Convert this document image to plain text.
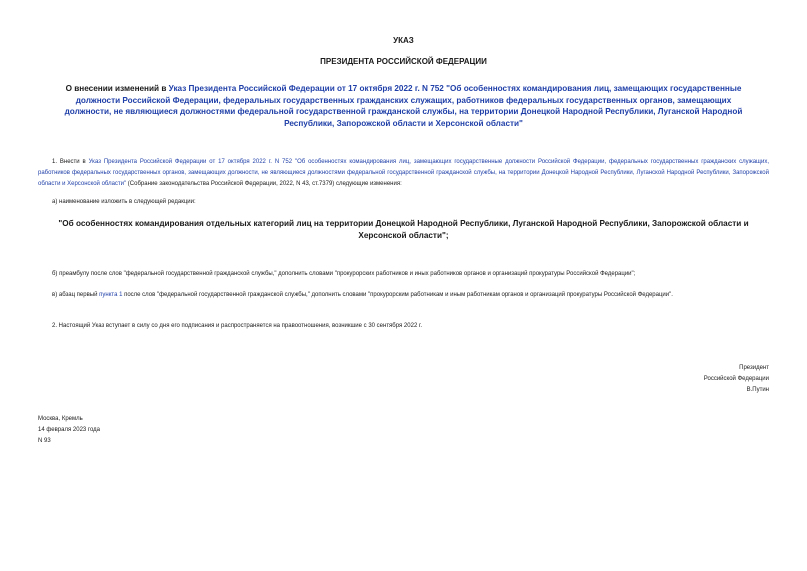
УКАЗ
ПРЕЗИДЕНТА РОССИЙСКОЙ ФЕДЕРАЦИИ
О внесении изменений в Указ Президента Российской Федерации от 17 октября 2022 г. N 752 "Об особенностях командирования лиц, замещающих государственные должности Российской Федерации, федеральных государственных гражданских служащих, работников федеральных государственных органов, замещающих должности, не являющиеся должностями федеральной государственной гражданской службы, на территории Донецкой Народной Республики, Луганской Народной Республики, Запорожской области и Херсонской области"
1. Внести в Указ Президента Российской Федерации от 17 октября 2022 г. N 752 "Об особенностях командирования лиц, замещающих государственные должности Российской Федерации, федеральных государственных гражданских служащих, работников федеральных государственных органов, замещающих должности, не являющиеся должностями федеральной государственной гражданской службы, на территории Донецкой Народной Республики, Луганской Народной Республики, Запорожской области и Херсонской области" (Собрание законодательства Российской Федерации, 2022, N 43, ст.7379) следующие изменения:
а) наименование изложить в следующей редакции:
"Об особенностях командирования отдельных категорий лиц на территории Донецкой Народной Республики, Луганской Народной Республики, Запорожской области и Херсонской области";
б) преамбулу после слов "федеральной государственной гражданской службы," дополнить словами "прокурорских работников и иных работников органов и организаций прокуратуры Российской Федерации";
в) абзац первый пункта 1 после слов "федеральной государственной гражданской службы," дополнить словами "прокурорским работникам и иным работникам органов и организаций прокуратуры Российской Федерации".
2. Настоящий Указ вступает в силу со дня его подписания и распространяется на правоотношения, возникшие с 30 сентября 2022 г.
Президент
Российской Федерации
В.Путин
Москва, Кремль
14 февраля 2023 года
N 93
